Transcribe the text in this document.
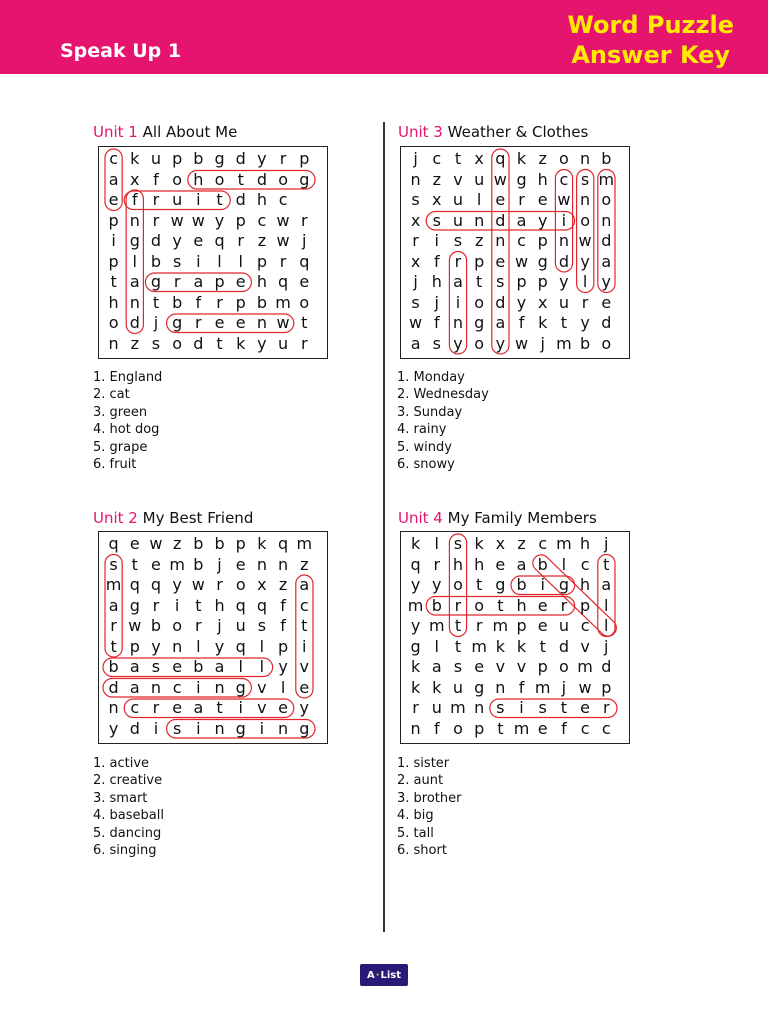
Speak Up 1
Word Puzzle
Answer Key
Unit 1 All About Me
c k u p b g d y r p
a x f o h o t d o g
e f r u i t d h c
p n r w w y p c w r
i g d y e q r z w j
p l b s i	l	l p r q
t a g r a p e h q e
h n t b f r p b m o
o d j g r e e n w t
n z s o d t k y u r
1. England
2. cat
3. green
4. hot dog
5. grape
6. fruit
Unit 2 My Best Friend
q e w z b b p k q m
s t e m b j e n n z
m q q y w r o x z a
a g r i t h q q f c
r w b o r j u s f t
t p y n l y q l p i
b a s e b a l	l y v
d a n c i n g v l e
n c r e a t i v e y
y d i s i n g i n g
1. active
2. creative
3. smart
4. baseball
5. dancing
6. singing
Unit 3 Weather & Clothes
j c t x q k z o n b
n z v u w g h c s m
s x u l e r e w n o
x s u n d a y i o n
r i s z n c p n w d
x f r p e w g d y a
j h a t s p p y l y
s j	i o d y x u r e
w f n g a f k t y d
a s y o y w j m b o
1. Monday
2. Wednesday
3. Sunday
4. rainy
5. windy
6. snowy
Unit 4 My Family Members
k l s k x z c m h j
q r h h e a b l c t
y y o t g b i g h a
m b r o t h e r p l
y m t r m p e u c l
g l t m k k t d v j
k a s e v v p o m d
k k u g n f m j w p
r u m n s i s t e r
n f o p t m e f c c
1. sister
2. aunt
3. brother
4. big
5. tall
6. short
A · List
